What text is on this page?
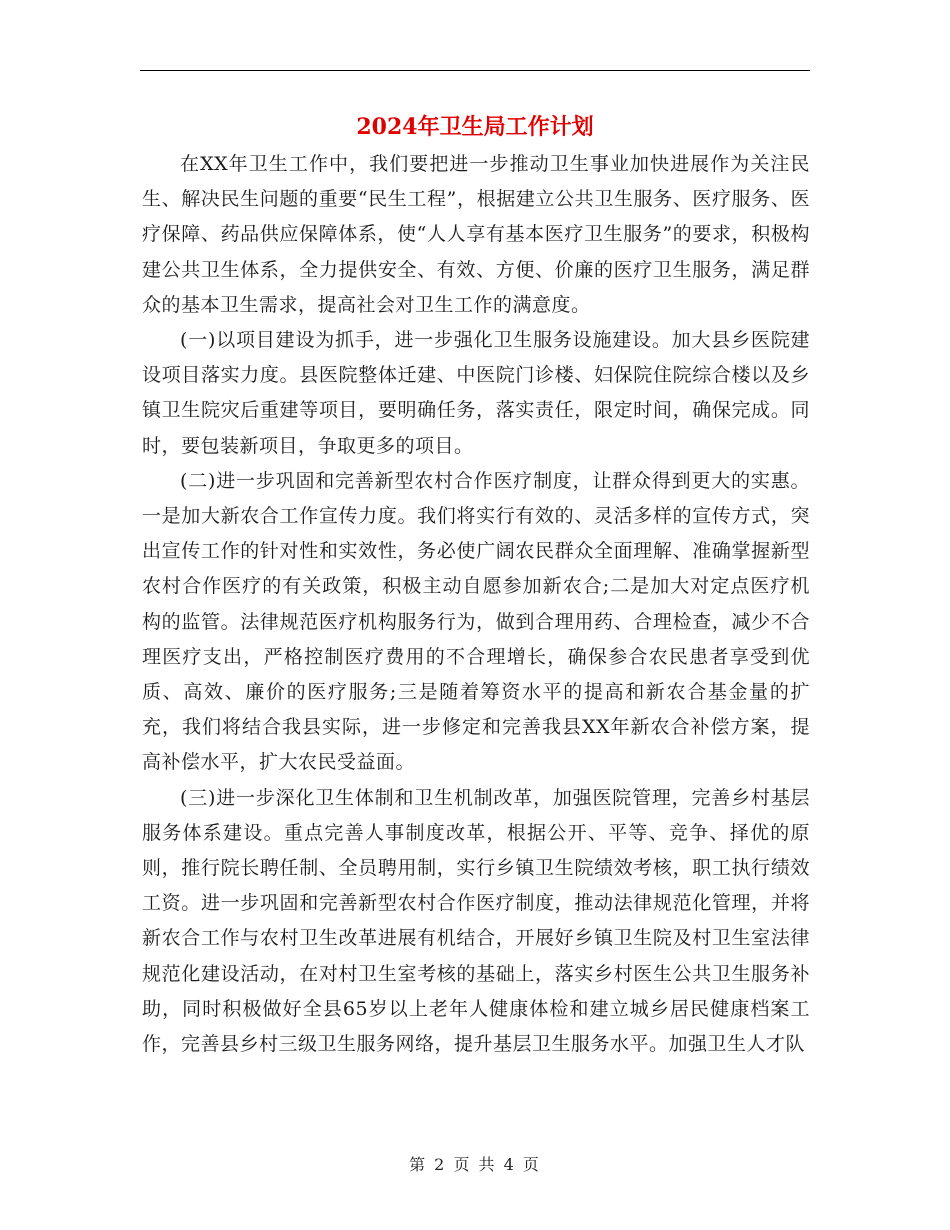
2024年卫生局工作计划

在XX年卫生工作中，我们要把进一步推动卫生事业加快进展作为关注民生、解决民生问题的重要“民生工程”，根据建立公共卫生服务、医疗服务、医疗保障、药品供应保障体系，使“人人享有基本医疗卫生服务”的要求，积极构建公共卫生体系，全力提供安全、有效、方便、价廉的医疗卫生服务，满足群众的基本卫生需求，提高社会对卫生工作的满意度。

(一)以项目建设为抓手，进一步强化卫生服务设施建设。加大县乡医院建设项目落实力度。县医院整体迁建、中医院门诊楼、妇保院住院综合楼以及乡镇卫生院灾后重建等项目，要明确任务，落实责任，限定时间，确保完成。同时，要包装新项目，争取更多的项目。

(二)进一步巩固和完善新型农村合作医疗制度，让群众得到更大的实惠。一是加大新农合工作宣传力度。我们将实行有效的、灵活多样的宣传方式，突出宣传工作的针对性和实效性，务必使广阔农民群众全面理解、准确掌握新型农村合作医疗的有关政策，积极主动自愿参加新农合;二是加大对定点医疗机构的监管。法律规范医疗机构服务行为，做到合理用药、合理检查，减少不合理医疗支出，严格控制医疗费用的不合理增长，确保参合农民患者享受到优质、高效、廉价的医疗服务;三是随着筹资水平的提高和新农合基金量的扩充，我们将结合我县实际，进一步修定和完善我县XX年新农合补偿方案，提高补偿水平，扩大农民受益面。

(三)进一步深化卫生体制和卫生机制改革，加强医院管理，完善乡村基层服务体系建设。重点完善人事制度改革，根据公开、平等、竞争、择优的原则，推行院长聘任制、全员聘用制，实行乡镇卫生院绩效考核，职工执行绩效工资。进一步巩固和完善新型农村合作医疗制度，推动法律规范化管理，并将新农合工作与农村卫生改革进展有机结合，开展好乡镇卫生院及村卫生室法律规范化建设活动，在对村卫生室考核的基础上，落实乡村医生公共卫生服务补助，同时积极做好全县65岁以上老年人健康体检和建立城乡居民健康档案工作，完善县乡村三级卫生服务网络，提升基层卫生服务水平。加强卫生人才队

第 2 页 共 4 页
